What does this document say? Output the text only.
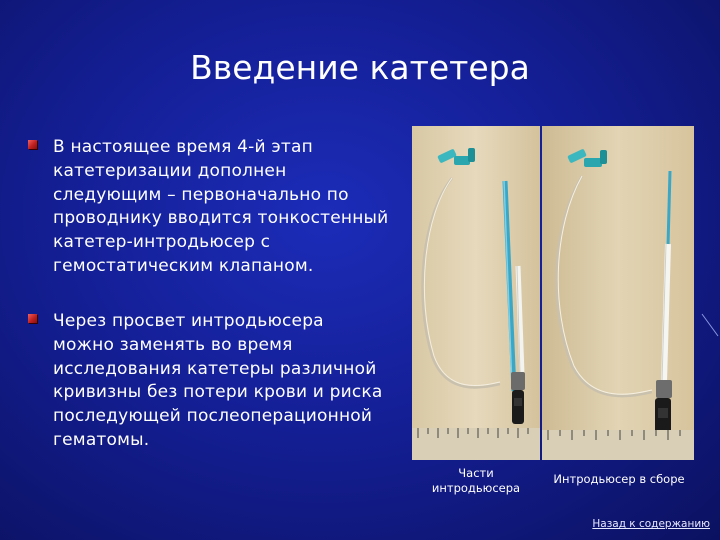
Введение катетера
В настоящее время 4-й этап
катетеризации дополнен
следующим – первоначально по
проводнику вводится тонкостенный
катетер-интродьюсер с
гемостатическим клапаном.
Через просвет интродьюсера
можно заменять во время
исследования катетеры различной
кривизны без потери крови и риска
последующей послеоперационной
гематомы.
Части
интродьюсера
Интродьюсер в сборе
Назад к содержанию
